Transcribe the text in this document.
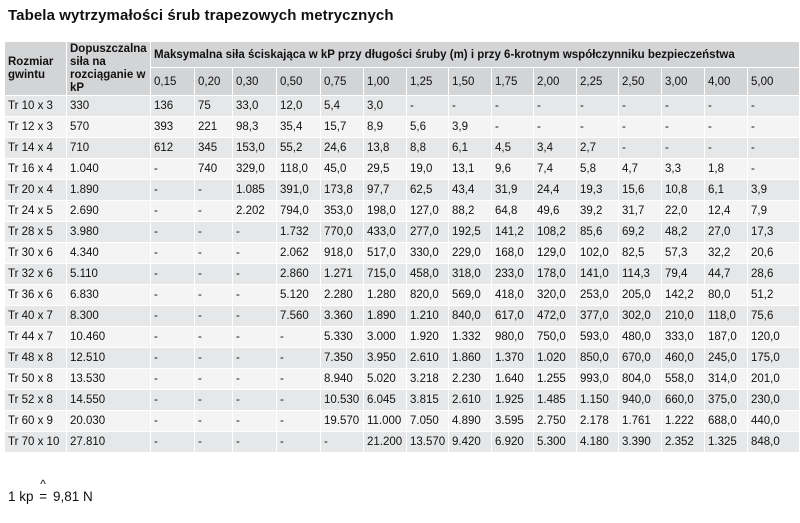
Tabela wytrzymałości śrub trapezowych metrycznych
Rozmiar gwintu	Dopuszczalna siła na rozciąganie w kP	Maksymalna siła ściskająca w kP przy długości śruby (m) i przy 6-krotnym współczynniku bezpieczeństwa														
		0,15	0,20	0,30	0,50	0,75	1,00	1,25	1,50	1,75	2,00	2,25	2,50	3,00	4,00	5,00
Tr 10 x 3	330	136	75	33,0	12,0	5,4	3,0	-	-	-	-	-	-	-	-	-
Tr 12 x 3	570	393	221	98,3	35,4	15,7	8,9	5,6	3,9	-	-	-	-	-	-	-
Tr 14 x 4	710	612	345	153,0	55,2	24,6	13,8	8,8	6,1	4,5	3,4	2,7	-	-	-	-
Tr 16 x 4	1.040	-	740	329,0	118,0	45,0	29,5	19,0	13,1	9,6	7,4	5,8	4,7	3,3	1,8	-
Tr 20 x 4	1.890	-	-	1.085	391,0	173,8	97,7	62,5	43,4	31,9	24,4	19,3	15,6	10,8	6,1	3,9
Tr 24 x 5	2.690	-	-	2.202	794,0	353,0	198,0	127,0	88,2	64,8	49,6	39,2	31,7	22,0	12,4	7,9
Tr 28 x 5	3.980	-	-	-	1.732	770,0	433,0	277,0	192,5	141,2	108,2	85,6	69,2	48,2	27,0	17,3
Tr 30 x 6	4.340	-	-	-	2.062	918,0	517,0	330,0	229,0	168,0	129,0	102,0	82,5	57,3	32,2	20,6
Tr 32 x 6	5.110	-	-	-	2.860	1.271	715,0	458,0	318,0	233,0	178,0	141,0	114,3	79,4	44,7	28,6
Tr 36 x 6	6.830	-	-	-	5.120	2.280	1.280	820,0	569,0	418,0	320,0	253,0	205,0	142,2	80,0	51,2
Tr 40 x 7	8.300	-	-	-	7.560	3.360	1.890	1.210	840,0	617,0	472,0	377,0	302,0	210,0	118,0	75,6
Tr 44 x 7	10.460	-	-	-	-	5.330	3.000	1.920	1.332	980,0	750,0	593,0	480,0	333,0	187,0	120,0
Tr 48 x 8	12.510	-	-	-	-	7.350	3.950	2.610	1.860	1.370	1.020	850,0	670,0	460,0	245,0	175,0
Tr 50 x 8	13.530	-	-	-	-	8.940	5.020	3.218	2.230	1.640	1.255	993,0	804,0	558,0	314,0	201,0
Tr 52 x 8	14.550	-	-	-	-	10.530	6.045	3.815	2.610	1.925	1.485	1.150	940,0	660,0	375,0	230,0
Tr 60 x 9	20.030	-	-	-	-	19.570	11.000	7.050	4.890	3.595	2.750	2.178	1.761	1.222	688,0	440,0
Tr 70 x 10	27.810	-	-	-	-	-	21.200	13.570	9.420	6.920	5.300	4.180	3.390	2.352	1.325	848,0
1 kp
^
= 9,81 N
